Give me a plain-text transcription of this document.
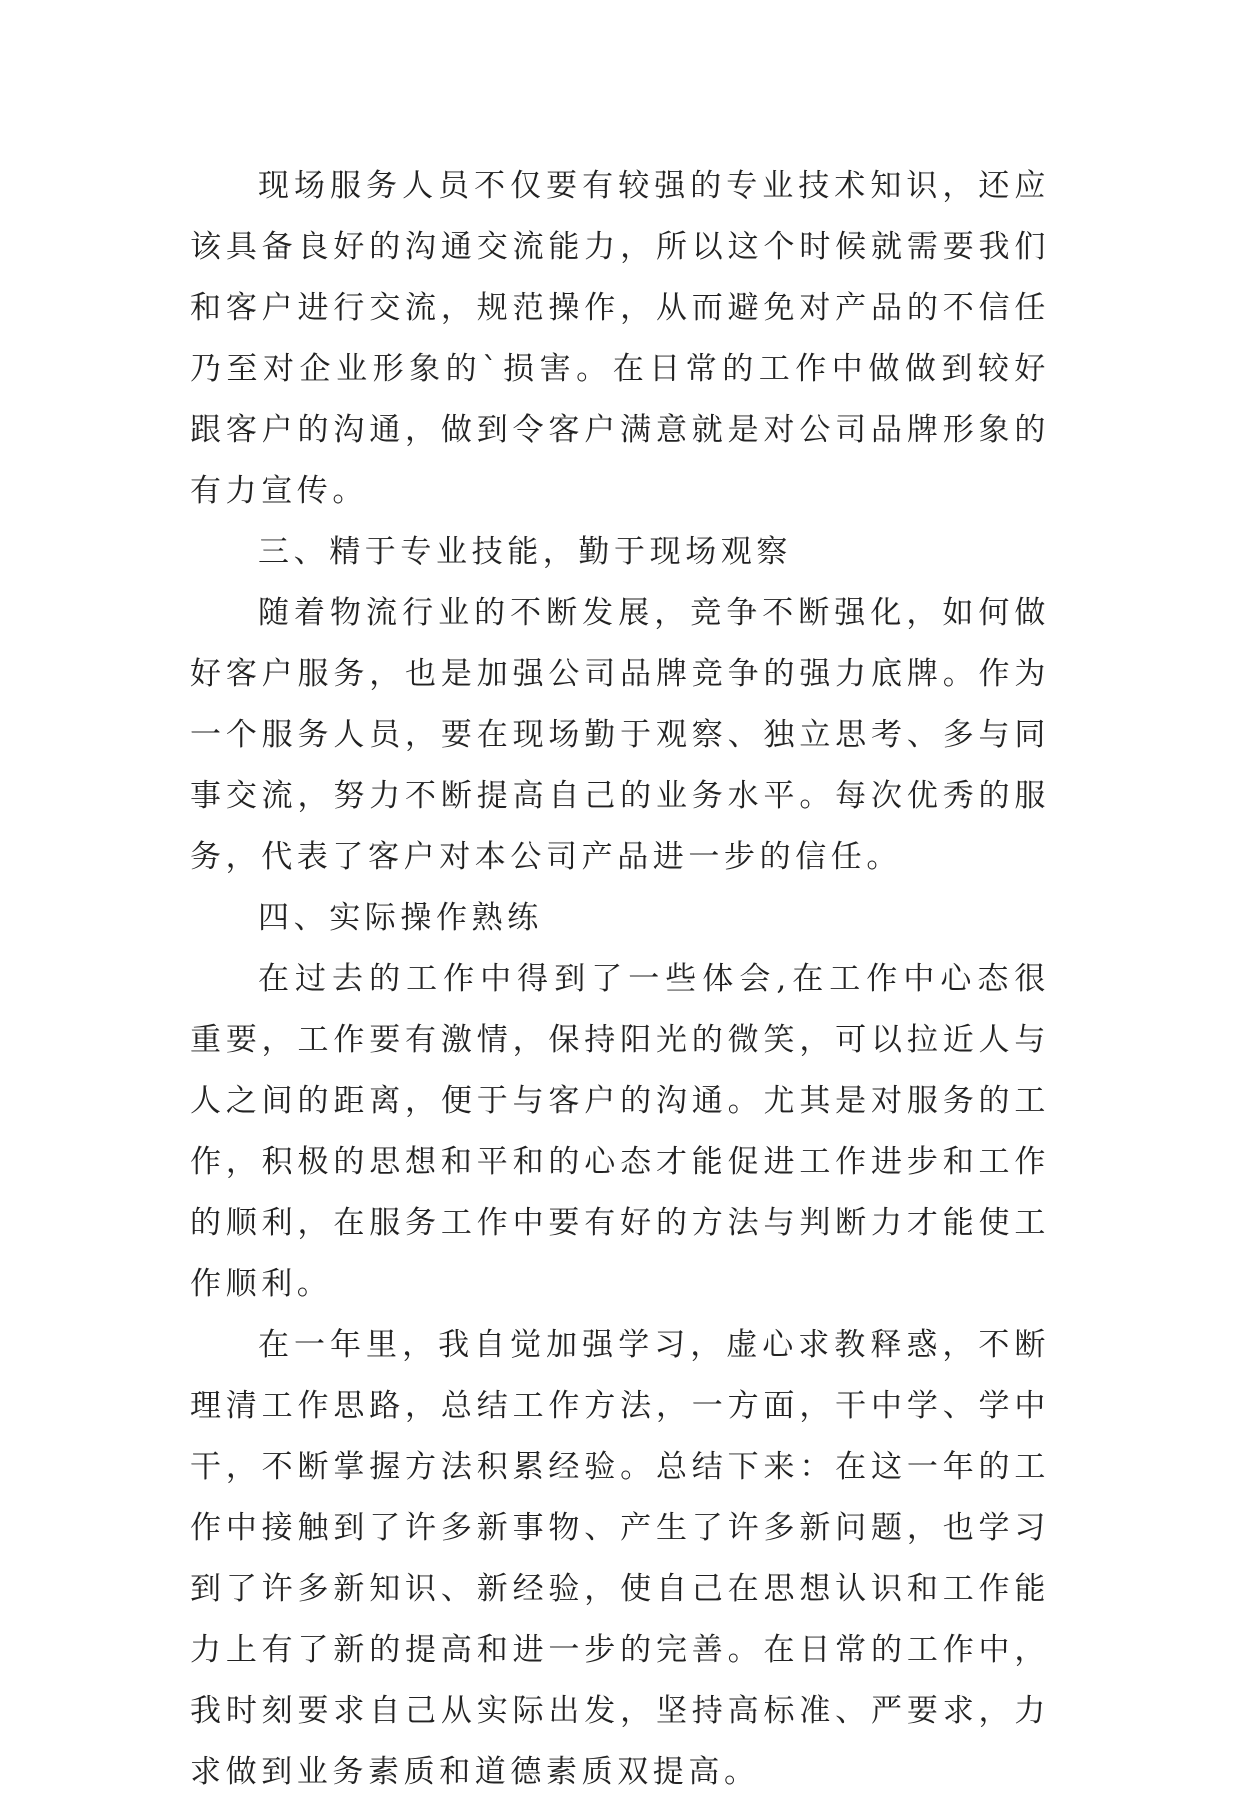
现场服务人员不仅要有较强的专业技术知识，还应该具备良好的沟通交流能力，所以这个时候就需要我们和客户进行交流，规范操作，从而避免对产品的不信任乃至对企业形象的`损害。在日常的工作中做做到较好跟客户的沟通，做到令客户满意就是对公司品牌形象的有力宣传。

三、精于专业技能，勤于现场观察

随着物流行业的不断发展，竞争不断强化，如何做好客户服务，也是加强公司品牌竞争的强力底牌。作为一个服务人员，要在现场勤于观察、独立思考、多与同事交流，努力不断提高自己的业务水平。每次优秀的服务，代表了客户对本公司产品进一步的信任。

四、实际操作熟练

在过去的工作中得到了一些体会,在工作中心态很重要，工作要有激情，保持阳光的微笑，可以拉近人与人之间的距离，便于与客户的沟通。尤其是对服务的工作，积极的思想和平和的心态才能促进工作进步和工作的顺利，在服务工作中要有好的方法与判断力才能使工作顺利。

在一年里，我自觉加强学习，虚心求教释惑，不断理清工作思路，总结工作方法，一方面，干中学、学中干，不断掌握方法积累经验。总结下来：在这一年的工作中接触到了许多新事物、产生了许多新问题，也学习到了许多新知识、新经验，使自己在思想认识和工作能力上有了新的提高和进一步的完善。在日常的工作中，我时刻要求自己从实际出发，坚持高标准、严要求，力求做到业务素质和道德素质双提高。
